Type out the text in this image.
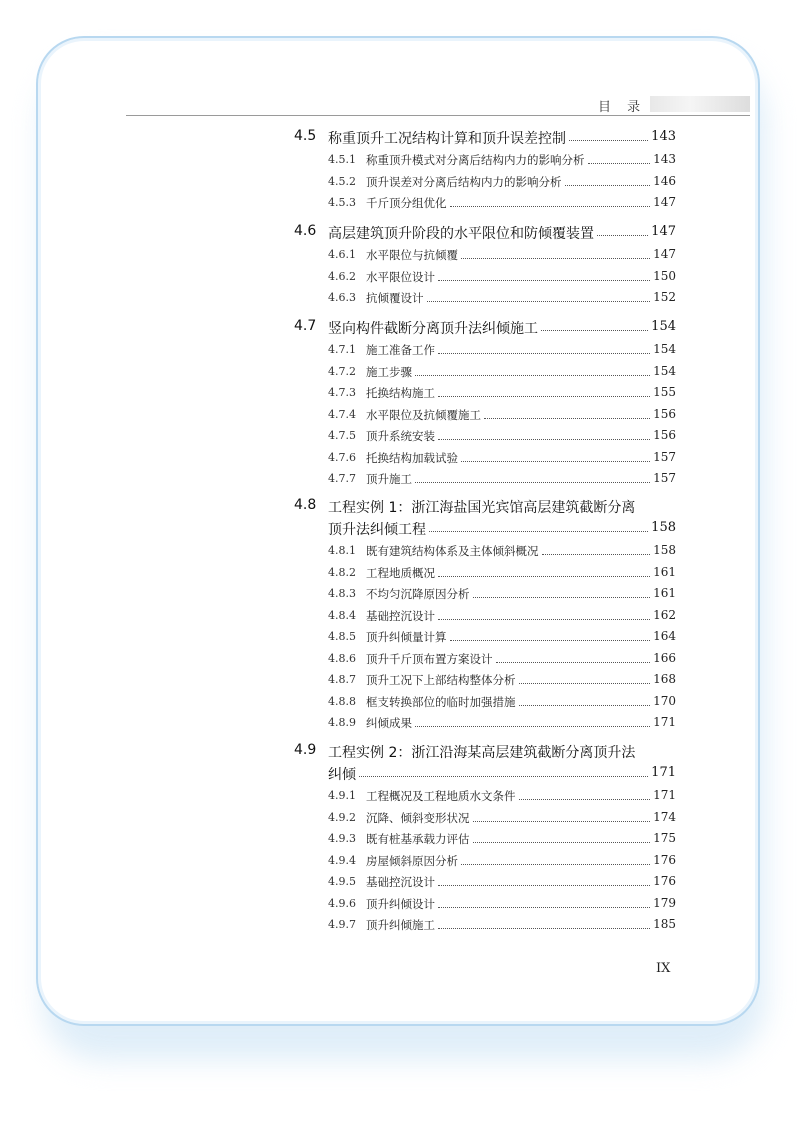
目 录
4.5 称重顶升工况结构计算和顶升误差控制	143
4.5.1 称重顶升模式对分离后结构内力的影响分析	143
4.5.2 顶升误差对分离后结构内力的影响分析	146
4.5.3 千斤顶分组优化	147
4.6 高层建筑顶升阶段的水平限位和防倾覆装置	147
4.6.1 水平限位与抗倾覆	147
4.6.2 水平限位设计	150
4.6.3 抗倾覆设计	152
4.7 竖向构件截断分离顶升法纠倾施工	154
4.7.1 施工准备工作	154
4.7.2 施工步骤	154
4.7.3 托换结构施工	155
4.7.4 水平限位及抗倾覆施工	156
4.7.5 顶升系统安装	156
4.7.6 托换结构加载试验	157
4.7.7 顶升施工	157
4.8 工程实例 1：浙江海盐国光宾馆高层建筑截断分离
顶升法纠倾工程	158
4.8.1 既有建筑结构体系及主体倾斜概况	158
4.8.2 工程地质概况	161
4.8.3 不均匀沉降原因分析	161
4.8.4 基础控沉设计	162
4.8.5 顶升纠倾量计算	164
4.8.6 顶升千斤顶布置方案设计	166
4.8.7 顶升工况下上部结构整体分析	168
4.8.8 框支转换部位的临时加强措施	170
4.8.9 纠倾成果	171
4.9 工程实例 2：浙江沿海某高层建筑截断分离顶升法
纠倾	171
4.9.1 工程概况及工程地质水文条件	171
4.9.2 沉降、倾斜变形状况	174
4.9.3 既有桩基承载力评估	175
4.9.4 房屋倾斜原因分析	176
4.9.5 基础控沉设计	176
4.9.6 顶升纠倾设计	179
4.9.7 顶升纠倾施工	185
IX
